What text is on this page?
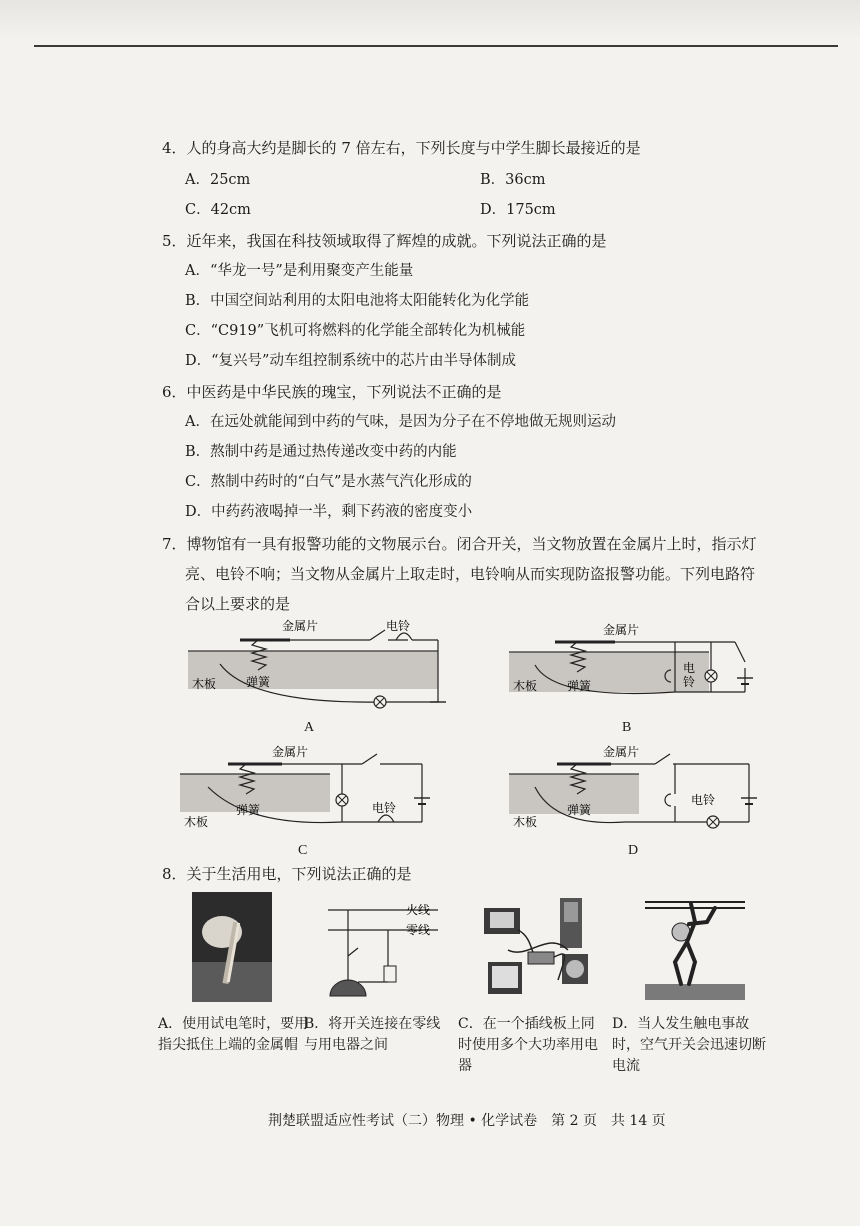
4．人的身高大约是脚长的 7 倍左右，下列长度与中学生脚长最接近的是
A．25cm	B．36cm
C．42cm	D．175cm
5．近年来，我国在科技领域取得了辉煌的成就。下列说法正确的是
A．“华龙一号”是利用聚变产生能量
B．中国空间站利用的太阳电池将太阳能转化为化学能
C．“C919”飞机可将燃料的化学能全部转化为机械能
D．“复兴号”动车组控制系统中的芯片由半导体制成
6．中医药是中华民族的瑰宝，下列说法不正确的是
A．在远处就能闻到中药的气味，是因为分子在不停地做无规则运动
B．熬制中药是通过热传递改变中药的内能
C．熬制中药时的“白气”是水蒸气汽化形成的
D．中药药液喝掉一半，剩下药液的密度变小
7．博物馆有一具有报警功能的文物展示台。闭合开关，当文物放置在金属片上时，指示灯
亮、电铃不响；当文物从金属片上取走时，电铃响从而实现防盗报警功能。下列电路符
合以上要求的是
金属片	电铃
木板 弹簧
A
金属片
电
铃
木板 弹簧
B
金属片
电铃
木板
弹簧
C
金属片
电铃
木板
弹簧
D
8．关于生活用电，下列说法正确的是
火线
零线
A．使用试电笔时，要用指尖抵住上端的金属帽
B．将开关连接在零线与用电器之间
C．在一个插线板上同时使用多个大功率用电器
D．当人发生触电事故时，空气开关会迅速切断电流
荆楚联盟适应性考试（二）物理 • 化学试卷　第 2 页　共 14 页
